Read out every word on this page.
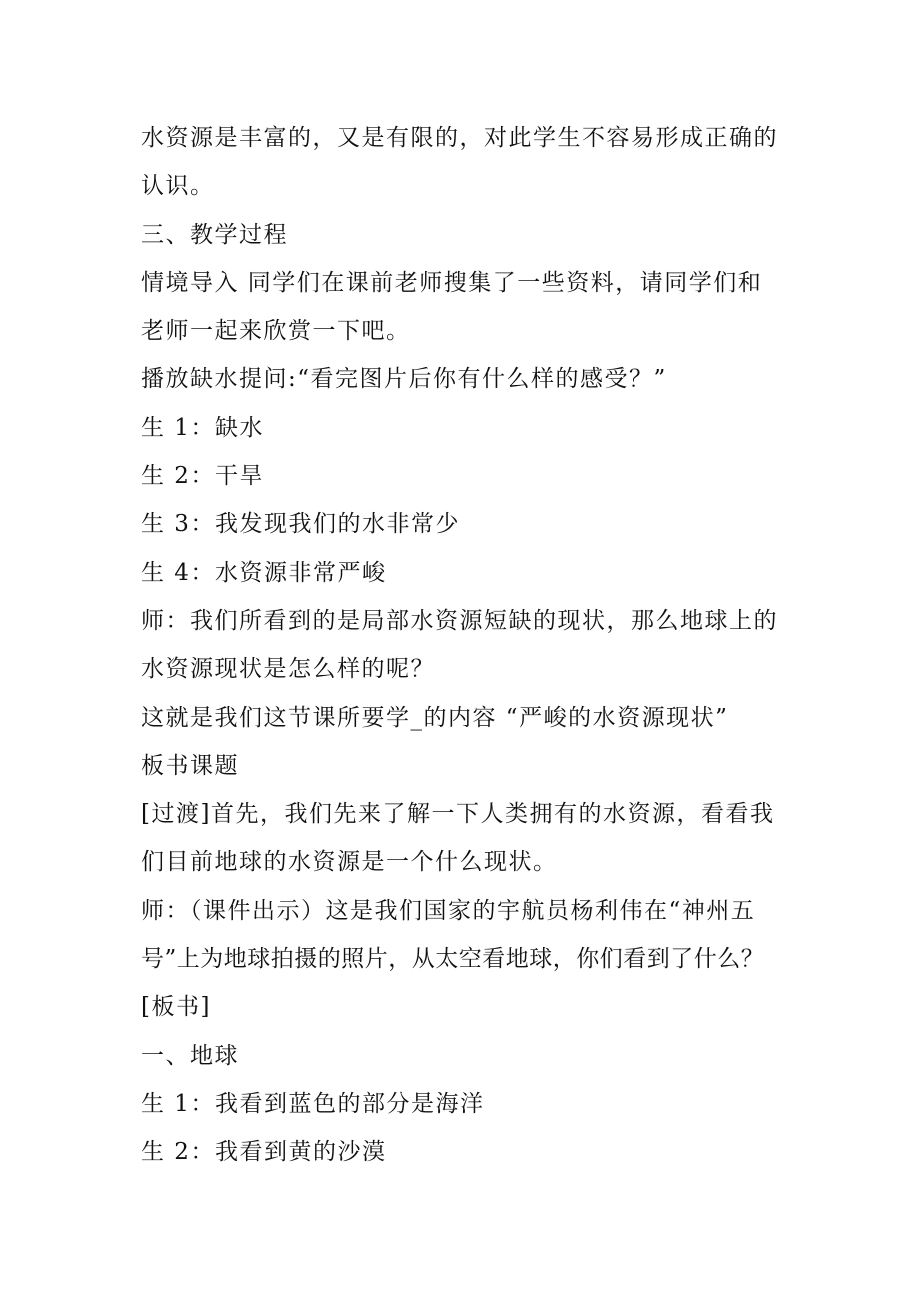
水资源是丰富的，又是有限的，对此学生不容易形成正确的
认识。
三、教学过程
情境导入 同学们在课前老师搜集了一些资料，请同学们和
老师一起来欣赏一下吧。
播放缺水提问:“看完图片后你有什么样的感受？”
生 1：缺水
生 2：干旱
生 3：我发现我们的水非常少
生 4：水资源非常严峻
师：我们所看到的是局部水资源短缺的现状，那么地球上的
水资源现状是怎么样的呢？
这就是我们这节课所要学_的内容 “严峻的水资源现状”
板书课题
[过渡]首先，我们先来了解一下人类拥有的水资源，看看我
们目前地球的水资源是一个什么现状。
师：（课件出示）这是我们国家的宇航员杨利伟在“神州五
号”上为地球拍摄的照片，从太空看地球，你们看到了什么？
[板书]
一、地球
生 1：我看到蓝色的部分是海洋
生 2：我看到黄的沙漠
